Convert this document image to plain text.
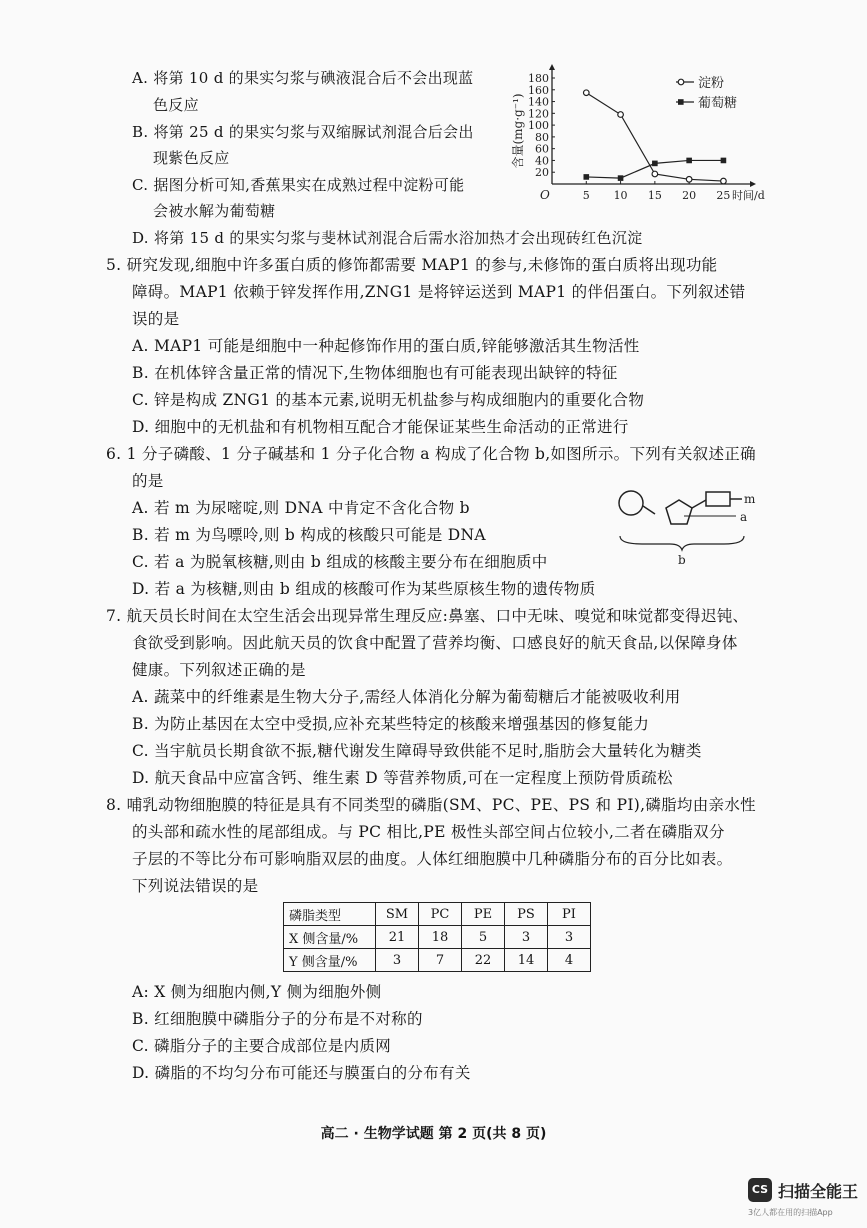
A. 将第 10 d 的果实匀浆与碘液混合后不会出现蓝
色反应
B. 将第 25 d 的果实匀浆与双缩脲试剂混合后会出
现紫色反应
C. 据图分析可知,香蕉果实在成熟过程中淀粉可能
会被水解为葡萄糖
D. 将第 15 d 的果实匀浆与斐林试剂混合后需水浴加热才会出现砖红色沉淀
20
40
60
80
100
120
140
160
180
5 10 15 20 25
O	时间/d
含量(mg·g⁻¹)
淀粉
葡萄糖
5. 研究发现,细胞中许多蛋白质的修饰都需要 MAP1 的参与,未修饰的蛋白质将出现功能
障碍。MAP1 依赖于锌发挥作用,ZNG1 是将锌运送到 MAP1 的伴侣蛋白。下列叙述错
误的是
A. MAP1 可能是细胞中一种起修饰作用的蛋白质,锌能够激活其生物活性
B. 在机体锌含量正常的情况下,生物体细胞也有可能表现出缺锌的特征
C. 锌是构成 ZNG1 的基本元素,说明无机盐参与构成细胞内的重要化合物
D. 细胞中的无机盐和有机物相互配合才能保证某些生命活动的正常进行
6. 1 分子磷酸、1 分子碱基和 1 分子化合物 a 构成了化合物 b,如图所示。下列有关叙述正确
的是
A. 若 m 为尿嘧啶,则 DNA 中肯定不含化合物 b
B. 若 m 为鸟嘌呤,则 b 构成的核酸只可能是 DNA
C. 若 a 为脱氧核糖,则由 b 组成的核酸主要分布在细胞质中
D. 若 a 为核糖,则由 b 组成的核酸可作为某些原核生物的遗传物质
m
a
b
7. 航天员长时间在太空生活会出现异常生理反应:鼻塞、口中无味、嗅觉和味觉都变得迟钝、
食欲受到影响。因此航天员的饮食中配置了营养均衡、口感良好的航天食品,以保障身体
健康。下列叙述正确的是
A. 蔬菜中的纤维素是生物大分子,需经人体消化分解为葡萄糖后才能被吸收利用
B. 为防止基因在太空中受损,应补充某些特定的核酸来增强基因的修复能力
C. 当宇航员长期食欲不振,糖代谢发生障碍导致供能不足时,脂肪会大量转化为糖类
D. 航天食品中应富含钙、维生素 D 等营养物质,可在一定程度上预防骨质疏松
8. 哺乳动物细胞膜的特征是具有不同类型的磷脂(SM、PC、PE、PS 和 PI),磷脂均由亲水性
的头部和疏水性的尾部组成。与 PC 相比,PE 极性头部空间占位较小,二者在磷脂双分
子层的不等比分布可影响脂双层的曲度。人体红细胞膜中几种磷脂分布的百分比如表。
下列说法错误的是
磷脂类型	SM	PC	PE	PS	PI
X 侧含量/%	21	18	5	3	3
Y 侧含量/%	3	7	22	14	4
A: X 侧为细胞内侧,Y 侧为细胞外侧
B. 红细胞膜中磷脂分子的分布是不对称的
C. 磷脂分子的主要合成部位是内质网
D. 磷脂的不均匀分布可能还与膜蛋白的分布有关
高二 · 生物学试题 第 2 页(共 8 页)
CS 扫描全能王
3亿人都在用的扫描App
